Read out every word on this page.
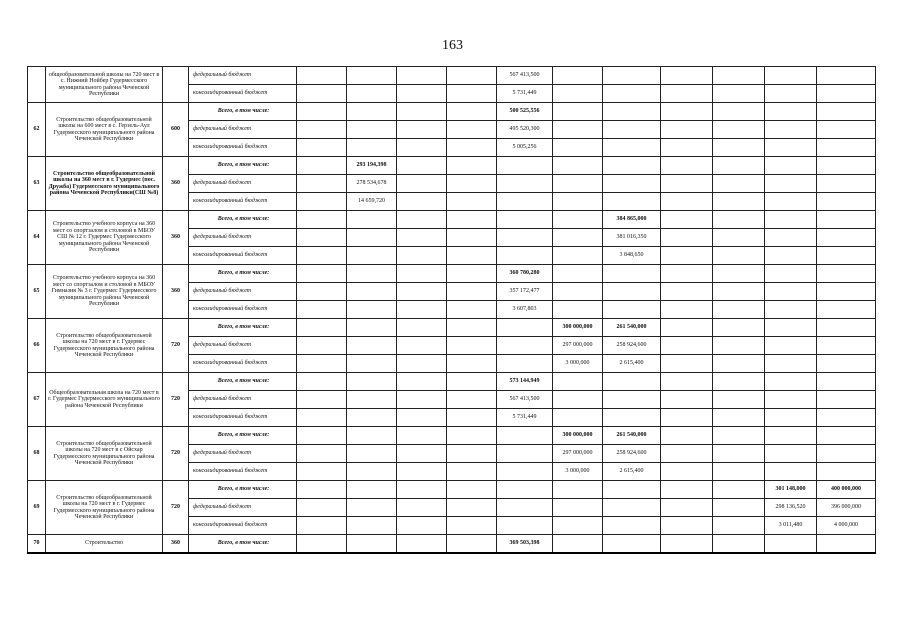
163
	общеобразовательной школы на 720 мест в с. Нижний Нойбер Гудермесского муниципального района Чеченской Республики		федеральный бюджет					567 413,500							
			консолидированный бюджет					5 731,449							
62	Строительство общеобразовательной школы на 600 мест в с. Герзель-Аул Гудермесского муниципального района Чеченской Республики	600	Всего, в том числе:					500 525,556							
			федеральный бюджет					495 520,300							
			консолидированный бюджет					5 005,256							
63	Строительство общеобразовательной школы на 360 мест в г. Гудермес (пос. Дружба) Гудермесского муниципального района Чеченской Республики(СШ №8)	360	Всего, в том числе:		293 194,398										
			федеральный бюджет		278 534,678										
			консолидированный бюджет		14 659,720										
64	Строительство учебного корпуса на 360 мест со спортзалом и столовой в МБОУ СШ № 12 г. Гудермес Гудермесского муниципального района Чеченской Республики	360	Всего, в том числе:							384 865,000					
			федеральный бюджет							381 016,350					
			консолидированный бюджет							3 848,650					
65	Строительство учебного корпуса на 360 мест со спортзалом и столовой в МБОУ Гимназия № 3 г. Гудермес Гудермесского муниципального района Чеченской Республики	360	Всего, в том числе:					360 780,280							
			федеральный бюджет					357 172,477							
			консолидированный бюджет					3 607,803							
66	Строительство общеобразовательной школы на 720 мест в г. Гудермес Гудермесского муниципального района Чеченской Республики	720	Всего, в том числе:						300 000,000	261 540,000					
			федеральный бюджет						297 000,000	258 924,600					
			консолидированный бюджет						3 000,000	2 615,400					
67	Общеобразовательная школа на 720 мест в г. Гудермес Гудермесского муниципального района Чеченской Республики	720	Всего, в том числе:					573 144,949							
			федеральный бюджет					567 413,500							
			консолидированный бюджет					5 731,449							
68	Строительство общеобразовательной школы на 720 мест в с Ойсхар Гудермесского муниципального района Чеченской Республики	720	Всего, в том числе:						300 000,000	261 540,000					
			федеральный бюджет						297 000,000	258 924,600					
			консолидированный бюджет						3 000,000	2 615,400					
69	Строительство общеобразовательной школы на 720 мест в г. Гудермес Гудермесского муниципального района Чеченской Республики	720	Всего, в том числе:										301 148,000	400 000,000	
			федеральный бюджет										298 136,520	396 000,000	
			консолидированный бюджет										3 011,480	4 000,000	
70	Строительство	360	Всего, в том числе:					369 503,398							
